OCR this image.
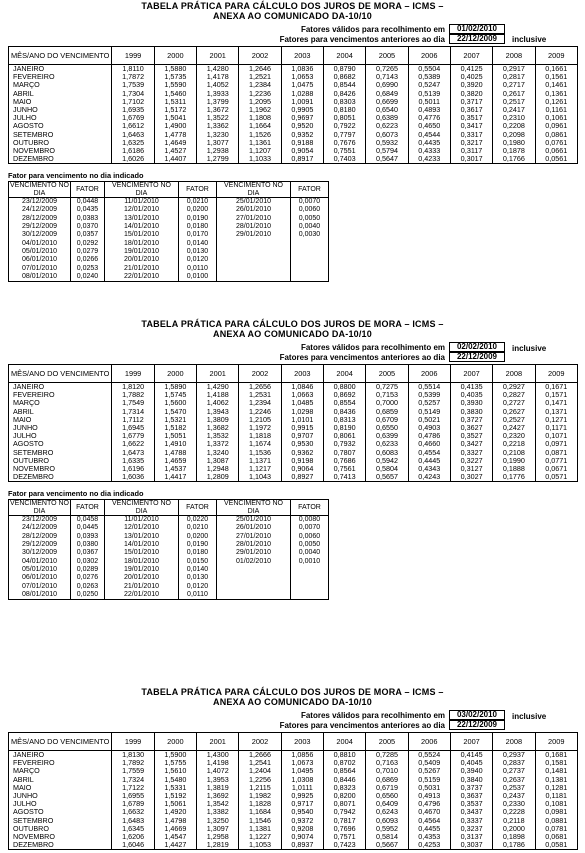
TABELA PRÁTICA PARA CÁLCULO DOS JUROS DE MORA – ICMS –
ANEXA AO COMUNICADO DA-10/10
Fatores válidos para recolhimento em	01/02/2010
Fatores para vencimentos anteriores ao dia	22/12/2009	inclusive
MÊS/ANO DO VENCIMENTO	1999	2000	2001	2002	2003	2004	2005	2006	2007	2008	2009
JANEIRO	1,8110	1,5880	1,4280	1,2646	1,0836	0,8790	0,7265	0,5504	0,4125	0,2917	0,1661
FEVEREIRO	1,7872	1,5735	1,4178	1,2521	1,0653	0,8682	0,7143	0,5389	0,4025	0,2817	0,1561
MARÇO	1,7539	1,5590	1,4052	1,2384	1,0475	0,8544	0,6990	0,5247	0,3920	0,2717	0,1461
ABRIL	1,7304	1,5460	1,3933	1,2236	1,0288	0,8426	0,6849	0,5139	0,3820	0,2617	0,1361
MAIO	1,7102	1,5311	1,3799	1,2095	1,0091	0,8303	0,6699	0,5011	0,3717	0,2517	0,1261
JUNHO	1,6935	1,5172	1,3672	1,1962	0,9905	0,8180	0,6540	0,4893	0,3617	0,2417	0,1161
JULHO	1,6769	1,5041	1,3522	1,1808	0,9697	0,8051	0,6389	0,4776	0,3517	0,2310	0,1061
AGOSTO	1,6612	1,4900	1,3362	1,1664	0,9520	0,7922	0,6223	0,4650	0,3417	0,2208	0,0961
SETEMBRO	1,6463	1,4778	1,3230	1,1526	0,9352	0,7797	0,6073	0,4544	0,3317	0,2098	0,0861
OUTUBRO	1,6325	1,4649	1,3077	1,1361	0,9188	0,7676	0,5932	0,4435	0,3217	0,1980	0,0761
NOVEMBRO	1,6186	1,4527	1,2938	1,1207	0,9054	0,7551	0,5794	0,4333	0,3117	0,1878	0,0661
DEZEMBRO	1,6026	1,4407	1,2799	1,1033	0,8917	0,7403	0,5647	0,4233	0,3017	0,1766	0,0561
Fator para vencimento no dia indicado
VENCIMENTO NO DIA	FATOR	VENCIMENTO NO DIA	FATOR	VENCIMENTO NO DIA	FATOR
23/12/2009	0,0448	11/01/2010	0,0210	25/01/2010	0,0070
24/12/2009	0,0435	12/01/2010	0,0200	26/01/2010	0,0060
28/12/2009	0,0383	13/01/2010	0,0190	27/01/2010	0,0050
29/12/2009	0,0370	14/01/2010	0,0180	28/01/2010	0,0040
30/12/2009	0,0357	15/01/2010	0,0170	29/01/2010	0,0030
04/01/2010	0,0292	18/01/2010	0,0140		
05/01/2010	0,0279	19/01/2010	0,0130		
06/01/2010	0,0266	20/01/2010	0,0120		
07/01/2010	0,0253	21/01/2010	0,0110		
08/01/2010	0,0240	22/01/2010	0,0100		
TABELA PRÁTICA PARA CÁLCULO DOS JUROS DE MORA – ICMS –
ANEXA AO COMUNICADO DA-10/10
Fatores válidos para recolhimento em	02/02/2010
Fatores para vencimentos anteriores ao dia	22/12/2009
inclusive
MÊS/ANO DO VENCIMENTO	1999	2000	2001	2002	2003	2004	2005	2006	2007	2008	2009
JANEIRO	1,8120	1,5890	1,4290	1,2656	1,0846	0,8800	0,7275	0,5514	0,4135	0,2927	0,1671
FEVEREIRO	1,7882	1,5745	1,4188	1,2531	1,0663	0,8692	0,7153	0,5399	0,4035	0,2827	0,1571
MARÇO	1,7549	1,5600	1,4062	1,2394	1,0485	0,8554	0,7000	0,5257	0,3930	0,2727	0,1471
ABRIL	1,7314	1,5470	1,3943	1,2246	1,0298	0,8436	0,6859	0,5149	0,3830	0,2627	0,1371
MAIO	1,7112	1,5321	1,3809	1,2105	1,0101	0,8313	0,6709	0,5021	0,3727	0,2527	0,1271
JUNHO	1,6945	1,5182	1,3682	1,1972	0,9915	0,8190	0,6550	0,4903	0,3627	0,2427	0,1171
JULHO	1,6779	1,5051	1,3532	1,1818	0,9707	0,8061	0,6399	0,4786	0,3527	0,2320	0,1071
AGOSTO	1,6622	1,4910	1,3372	1,1674	0,9530	0,7932	0,6233	0,4660	0,3427	0,2218	0,0971
SETEMBRO	1,6473	1,4788	1,3240	1,1536	0,9362	0,7807	0,6083	0,4554	0,3327	0,2108	0,0871
OUTUBRO	1,6335	1,4659	1,3087	1,1371	0,9198	0,7686	0,5942	0,4445	0,3227	0,1990	0,0771
NOVEMBRO	1,6196	1,4537	1,2948	1,1217	0,9064	0,7561	0,5804	0,4343	0,3127	0,1888	0,0671
DEZEMBRO	1,6036	1,4417	1,2809	1,1043	0,8927	0,7413	0,5657	0,4243	0,3027	0,1776	0,0571
Fator para vencimento no dia indicado
VENCIMENTO NO DIA	FATOR	VENCIMENTO NO DIA	FATOR	VENCIMENTO NO DIA	FATOR
23/12/2009	0,0458	11/01/2010	0,0220	25/01/2010	0,0080
24/12/2009	0,0445	12/01/2010	0,0210	26/01/2010	0,0070
28/12/2009	0,0393	13/01/2010	0,0200	27/01/2010	0,0060
29/12/2009	0,0380	14/01/2010	0,0190	28/01/2010	0,0050
30/12/2009	0,0367	15/01/2010	0,0180	29/01/2010	0,0040
04/01/2010	0,0302	18/01/2010	0,0150	01/02/2010	0,0010
05/01/2010	0,0289	19/01/2010	0,0140		
06/01/2010	0,0276	20/01/2010	0,0130		
07/01/2010	0,0263	21/01/2010	0,0120		
08/01/2010	0,0250	22/01/2010	0,0110		
TABELA PRÁTICA PARA CÁLCULO DOS JUROS DE MORA – ICMS –
ANEXA AO COMUNICADO DA-10/10
Fatores válidos para recolhimento em	03/02/2010
Fatores para vencimentos anteriores ao dia	22/12/2009
inclusive
MÊS/ANO DO VENCIMENTO	1999	2000	2001	2002	2003	2004	2005	2006	2007	2008	2009
JANEIRO	1,8130	1,5900	1,4300	1,2666	1,0856	0,8810	0,7285	0,5524	0,4145	0,2937	0,1681
FEVEREIRO	1,7892	1,5755	1,4198	1,2541	1,0673	0,8702	0,7163	0,5409	0,4045	0,2837	0,1581
MARÇO	1,7559	1,5610	1,4072	1,2404	1,0495	0,8564	0,7010	0,5267	0,3940	0,2737	0,1481
ABRIL	1,7324	1,5480	1,3953	1,2256	1,0308	0,8446	0,6869	0,5159	0,3840	0,2637	0,1381
MAIO	1,7122	1,5331	1,3819	1,2115	1,0111	0,8323	0,6719	0,5031	0,3737	0,2537	0,1281
JUNHO	1,6955	1,5192	1,3692	1,1982	0,9925	0,8200	0,6560	0,4913	0,3637	0,2437	0,1181
JULHO	1,6789	1,5061	1,3542	1,1828	0,9717	0,8071	0,6409	0,4796	0,3537	0,2330	0,1081
AGOSTO	1,6632	1,4920	1,3382	1,1684	0,9540	0,7942	0,6243	0,4670	0,3437	0,2228	0,0981
SETEMBRO	1,6483	1,4798	1,3250	1,1546	0,9372	0,7817	0,6093	0,4564	0,3337	0,2118	0,0881
OUTUBRO	1,6345	1,4669	1,3097	1,1381	0,9208	0,7696	0,5952	0,4455	0,3237	0,2000	0,0781
NOVEMBRO	1,6206	1,4547	1,2958	1,1227	0,9074	0,7571	0,5814	0,4353	0,3137	0,1898	0,0681
DEZEMBRO	1,6046	1,4427	1,2819	1,1053	0,8937	0,7423	0,5667	0,4253	0,3037	0,1786	0,0581
